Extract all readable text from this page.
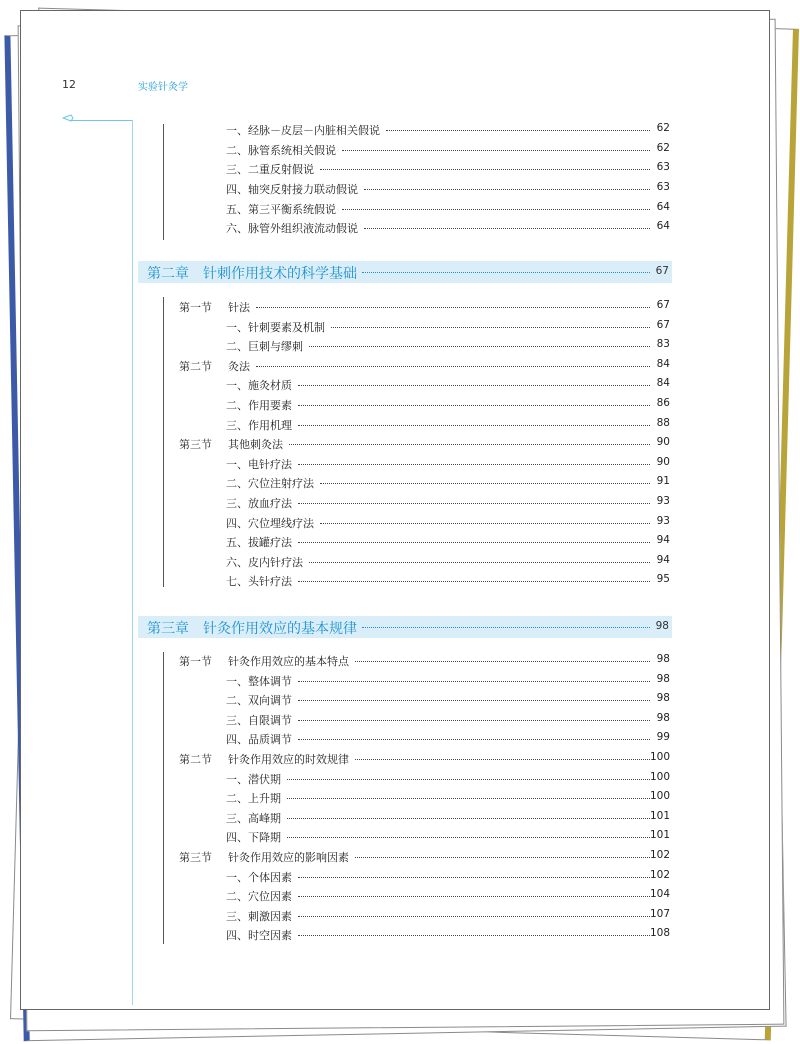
12	实验针灸学
一、经脉－皮层－内脏相关假说	62
二、脉管系统相关假说	62
三、二重反射假说	63
四、轴突反射接力联动假说	63
五、第三平衡系统假说	64
六、脉管外组织液流动假说	64
第二章　针刺作用技术的科学基础	67
第一节 针法	67
一、针刺要素及机制	67
二、巨刺与缪刺	83
第二节 灸法	84
一、施灸材质	84
二、作用要素	86
三、作用机理	88
第三节 其他刺灸法	90
一、电针疗法	90
二、穴位注射疗法	91
三、放血疗法	93
四、穴位埋线疗法	93
五、拔罐疗法	94
六、皮内针疗法	94
七、头针疗法	95
第三章　针灸作用效应的基本规律	98
第一节 针灸作用效应的基本特点	98
一、整体调节	98
二、双向调节	98
三、自限调节	98
四、品质调节	99
第二节 针灸作用效应的时效规律	100
一、潜伏期	100
二、上升期	100
三、高峰期	101
四、下降期	101
第三节 针灸作用效应的影响因素	102
一、个体因素	102
二、穴位因素	104
三、刺激因素	107
四、时空因素	108
